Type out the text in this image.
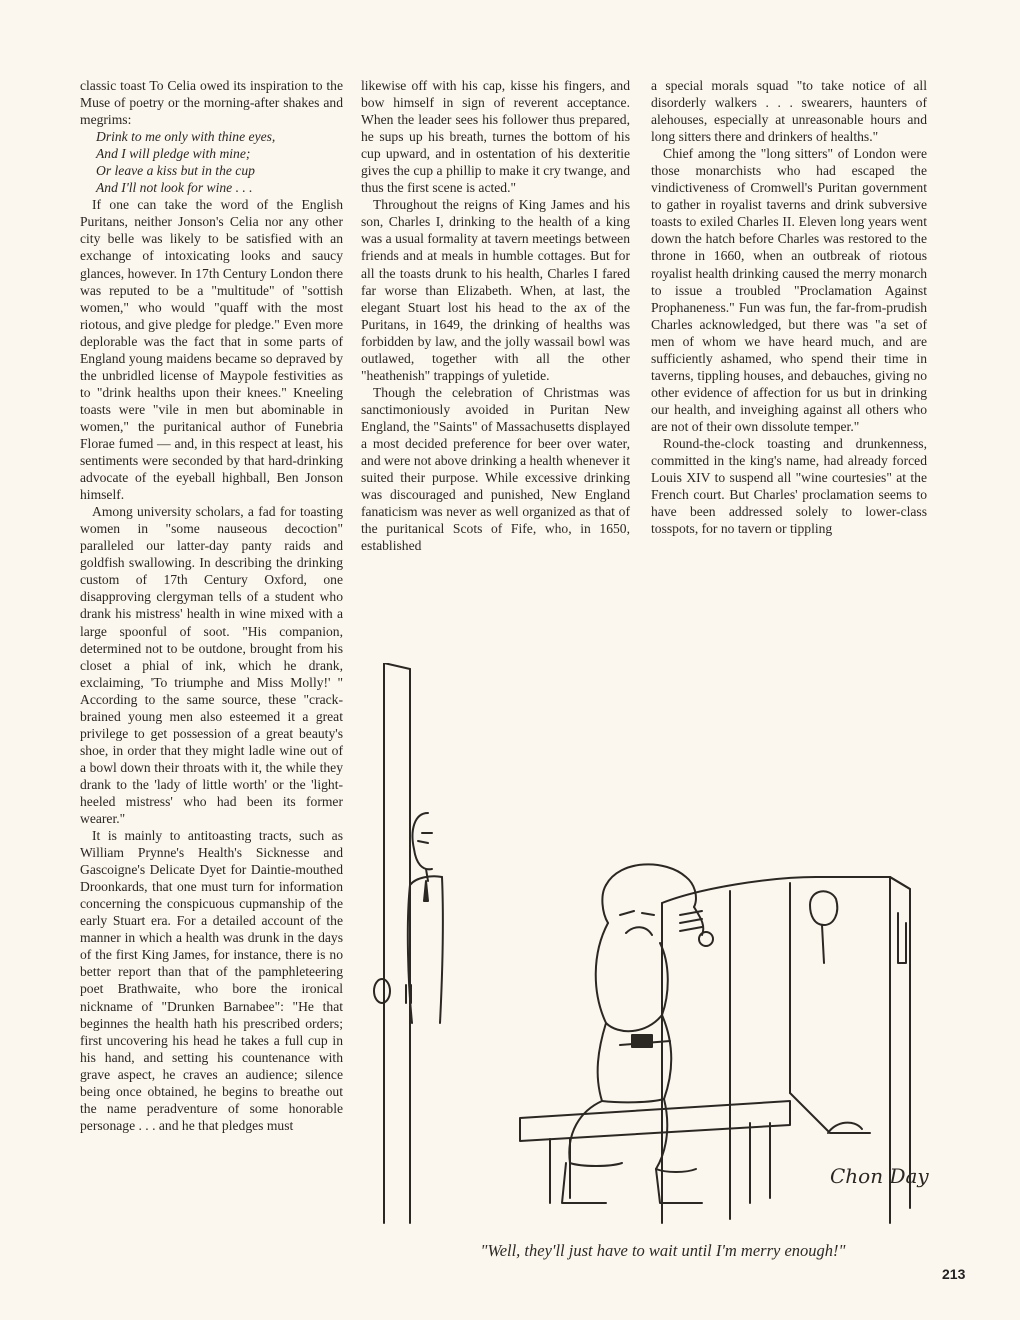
classic toast To Celia owed its inspiration to the Muse of poetry or the morning-after shakes and megrims:

Drink to me only with thine eyes,
And I will pledge with mine;
Or leave a kiss but in the cup
And I'll not look for wine . . .

If one can take the word of the English Puritans, neither Jonson's Celia nor any other city belle was likely to be satisfied with an exchange of intoxicating looks and saucy glances, however. In 17th Century London there was reputed to be a "multitude" of "sottish women," who would "quaff with the most riotous, and give pledge for pledge." Even more deplorable was the fact that in some parts of England young maidens became so depraved by the unbridled license of Maypole festivities as to "drink healths upon their knees." Kneeling toasts were "vile in men but abominable in women," the puritanical author of Funebria Florae fumed — and, in this respect at least, his sentiments were seconded by that hard-drinking advocate of the eyeball highball, Ben Jonson himself.

Among university scholars, a fad for toasting women in "some nauseous decoction" paralleled our latter-day panty raids and goldfish swallowing. In describing the drinking custom of 17th Century Oxford, one disapproving clergyman tells of a student who drank his mistress' health in wine mixed with a large spoonful of soot. "His companion, determined not to be outdone, brought from his closet a phial of ink, which he drank, exclaiming, 'To triumphe and Miss Molly!' " According to the same source, these "crack-brained young men also esteemed it a great privilege to get possession of a great beauty's shoe, in order that they might ladle wine out of a bowl down their throats with it, the while they drank to the 'lady of little worth' or the 'light-heeled mistress' who had been its former wearer."

It is mainly to antitoasting tracts, such as William Prynne's Health's Sicknesse and Gascoigne's Delicate Dyet for Daintie-mouthed Droonkards, that one must turn for information concerning the conspicuous cupmanship of the early Stuart era. For a detailed account of the manner in which a health was drunk in the days of the first King James, for instance, there is no better report than that of the pamphleteering poet Brathwaite, who bore the ironical nickname of "Drunken Barnabee": "He that beginnes the health hath his prescribed orders; first uncovering his head he takes a full cup in his hand, and setting his countenance with grave aspect, he craves an audience; silence being once obtained, he begins to breathe out the name peradventure of some honorable personage . . . and he that pledges must

likewise off with his cap, kisse his fingers, and bow himself in sign of reverent acceptance. When the leader sees his follower thus prepared, he sups up his breath, turnes the bottom of his cup upward, and in ostentation of his dexteritie gives the cup a phillip to make it cry twange, and thus the first scene is acted."

Throughout the reigns of King James and his son, Charles I, drinking to the health of a king was a usual formality at tavern meetings between friends and at meals in humble cottages. But for all the toasts drunk to his health, Charles I fared far worse than Elizabeth. When, at last, the elegant Stuart lost his head to the ax of the Puritans, in 1649, the drinking of healths was forbidden by law, and the jolly wassail bowl was outlawed, together with all the other "heathenish" trappings of yuletide.

Though the celebration of Christmas was sanctimoniously avoided in Puritan New England, the "Saints" of Massachusetts displayed a most decided preference for beer over water, and were not above drinking a health whenever it suited their purpose. While excessive drinking was discouraged and punished, New England fanaticism was never as well organized as that of the puritanical Scots of Fife, who, in 1650, established

a special morals squad "to take notice of all disorderly walkers . . . swearers, haunters of alehouses, especially at unreasonable hours and long sitters there and drinkers of healths."

Chief among the "long sitters" of London were those monarchists who had escaped the vindictiveness of Cromwell's Puritan government to gather in royalist taverns and drink subversive toasts to exiled Charles II. Eleven long years went down the hatch before Charles was restored to the throne in 1660, when an outbreak of riotous royalist health drinking caused the merry monarch to issue a troubled "Proclamation Against Prophaneness." Fun was fun, the far-from-prudish Charles acknowledged, but there was "a set of men of whom we have heard much, and are sufficiently ashamed, who spend their time in taverns, tippling houses, and debauches, giving no other evidence of affection for us but in drinking our health, and inveighing against all others who are not of their own dissolute temper."

Round-the-clock toasting and drunkenness, committed in the king's name, had already forced Louis XIV to suspend all "wine courtesies" at the French court. But Charles' proclamation seems to have been addressed solely to lower-class tosspots, for no tavern or tippling

Chon Day
"Well, they'll just have to wait until I'm merry enough!"
213
